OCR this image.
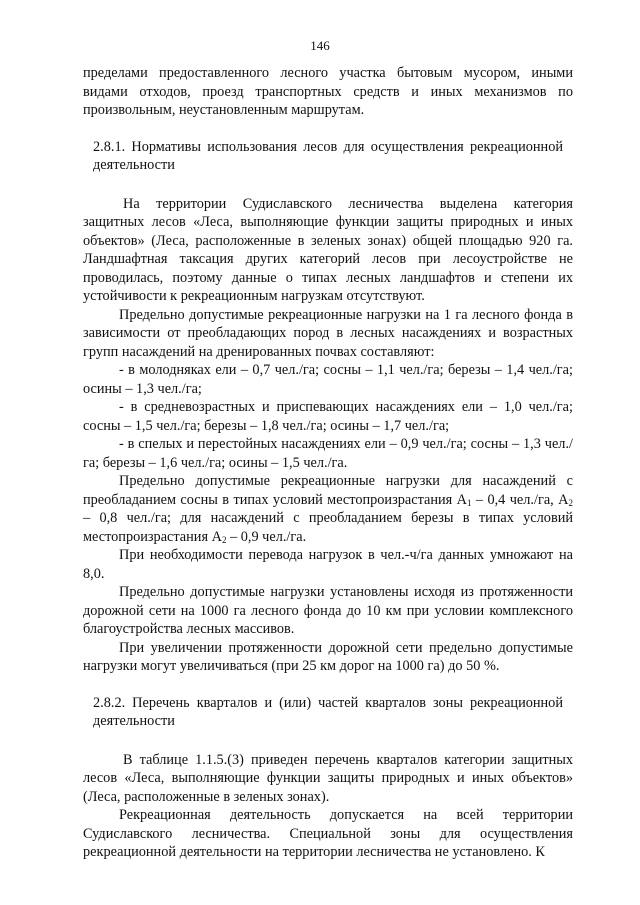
146

пределами предоставленного лесного участка бытовым мусором, иными видами отходов, проезд транспортных средств и иных механизмов по произвольным, неустановленным маршрутам.

2.8.1. Нормативы использования лесов для осуществления рекреационной деятельности

На территории Судиславского лесничества выделена категория защитных лесов «Леса, выполняющие функции защиты природных и иных объектов» (Леса, расположенные в зеленых зонах) общей площадью 920 га. Ландшафтная таксация других категорий лесов при лесоустройстве не проводилась, поэтому данные о типах лесных ландшафтов и степени их устойчивости к рекреационным нагрузкам отсутствуют.

Предельно допустимые рекреационные нагрузки на 1 га лесного фонда в зависимости от преобладающих пород в лесных насаждениях и возрастных групп насаждений на дренированных почвах составляют:

- в молодняках ели – 0,7 чел./га; сосны – 1,1 чел./га; березы – 1,4 чел./га; осины – 1,3 чел./га;

- в средневозрастных и приспевающих насаждениях ели – 1,0 чел./га; сосны – 1,5 чел./га; березы – 1,8 чел./га; осины – 1,7 чел./га;

- в спелых и перестойных насаждениях ели – 0,9 чел./га; сосны – 1,3 чел./га; березы – 1,6 чел./га; осины – 1,5 чел./га.

Предельно допустимые рекреационные нагрузки для насаждений с преобладанием сосны в типах условий местопроизрастания $А_1 - 0,4$ чел./га, $А_2 - 0,8$ чел./га; для насаждений с преобладанием березы в типах условий местопроизрастания $А_2 - 0,9$ чел./га.

При необходимости перевода нагрузок в чел.-ч/га данных умножают на 8,0.

Предельно допустимые нагрузки установлены исходя из протяженности дорожной сети на 1000 га лесного фонда до 10 км при условии комплексного благоустройства лесных массивов.

При увеличении протяженности дорожной сети предельно допустимые нагрузки могут увеличиваться (при 25 км дорог на 1000 га) до 50 %.

2.8.2. Перечень кварталов и (или) частей кварталов зоны рекреационной деятельности

В таблице 1.1.5.(3) приведен перечень кварталов категории защитных лесов «Леса, выполняющие функции защиты природных и иных объектов» (Леса, расположенные в зеленых зонах).

Рекреационная деятельность допускается на всей территории Судиславского лесничества. Специальной зоны для осуществления рекреационной деятельности на территории лесничества не установлено. К
